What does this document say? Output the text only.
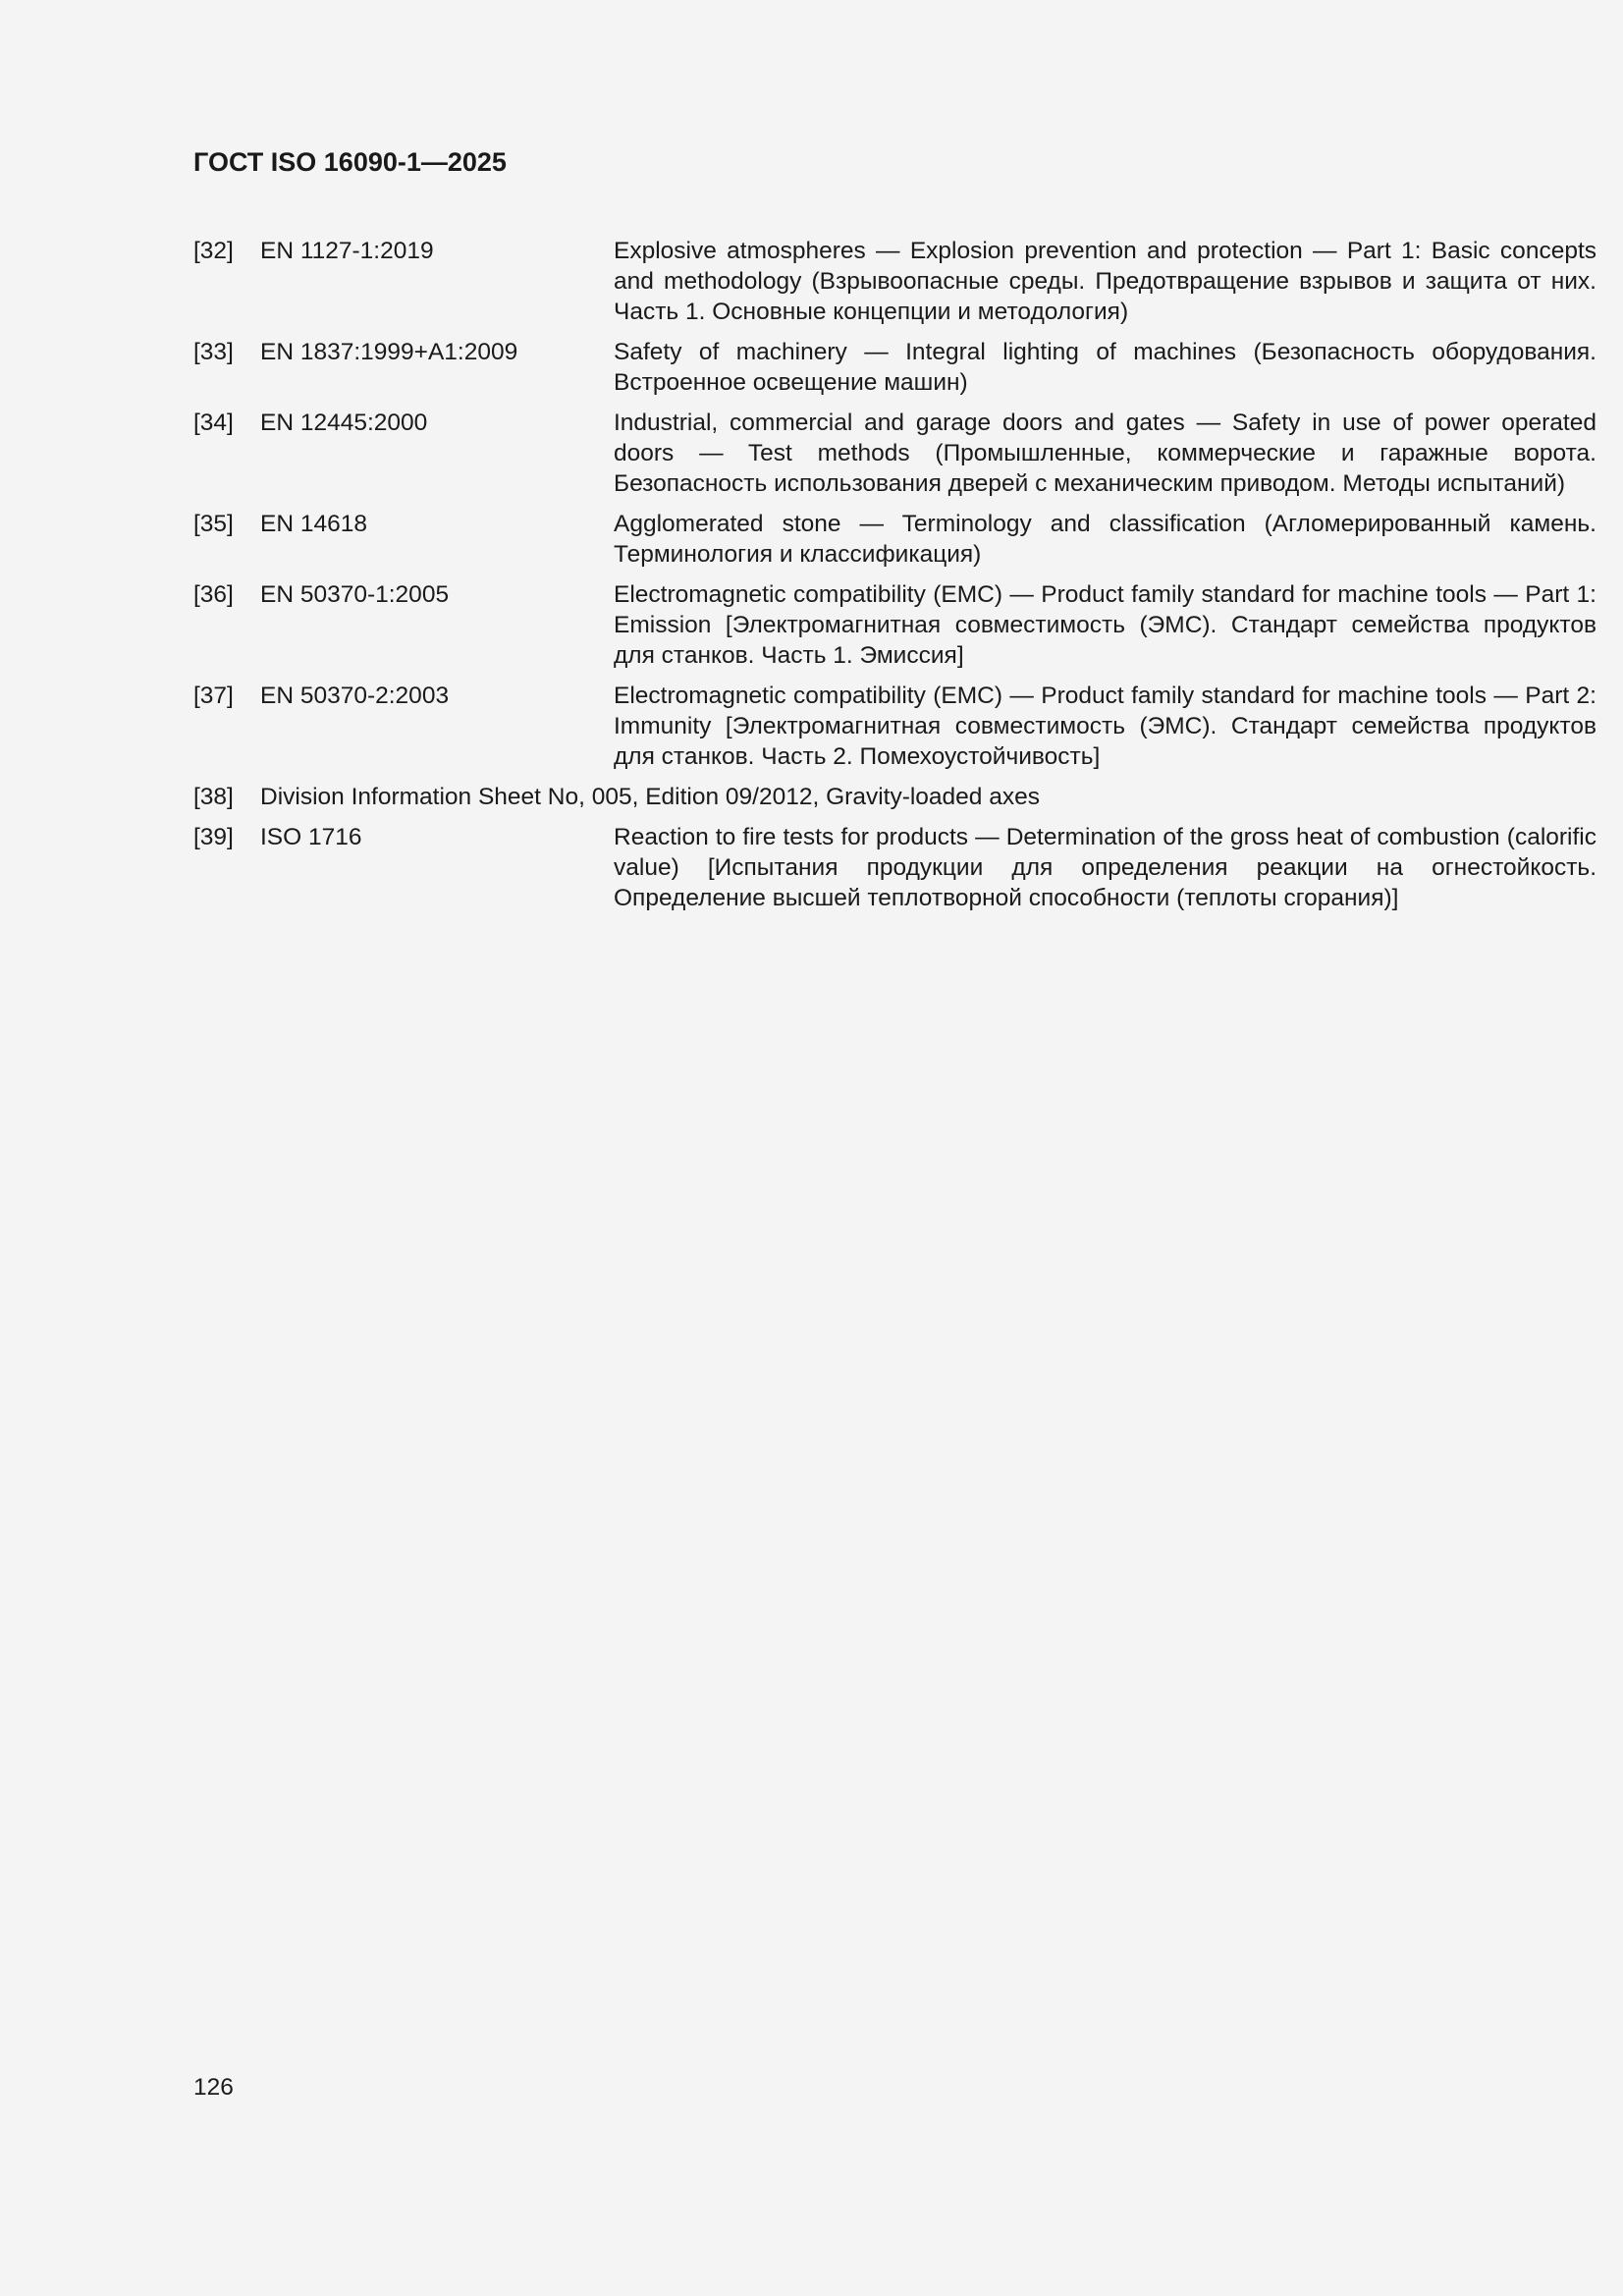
ГОСТ ISO 16090-1—2025
[32]	EN 1127-1:2019	Explosive atmospheres — Explosion prevention and protection — Part 1: Basic concepts and methodology (Взрывоопасные среды. Предотвращение взрывов и защита от них. Часть 1. Основные концепции и методология)
[33]	EN 1837:1999+A1:2009	Safety of machinery — Integral lighting of machines (Безопасность оборудования. Встроенное освещение машин)
[34]	EN 12445:2000	Industrial, commercial and garage doors and gates — Safety in use of power operated doors — Test methods (Промышленные, коммерческие и гаражные ворота. Безопасность использования дверей с механическим приводом. Методы испытаний)
[35]	EN 14618	Agglomerated stone — Terminology and classification (Агломерированный камень. Терминология и классификация)
[36]	EN 50370-1:2005	Electromagnetic compatibility (EMC) — Product family standard for machine tools — Part 1: Emission [Электромагнитная совместимость (ЭМС). Стандарт семейства продуктов для станков. Часть 1. Эмиссия]
[37]	EN 50370-2:2003	Electromagnetic compatibility (EMC) — Product family standard for machine tools — Part 2: Immunity [Электромагнитная совместимость (ЭМС). Стандарт семейства продуктов для станков. Часть 2. Помехоустойчивость]
[38]	Division Information Sheet No, 005, Edition 09/2012, Gravity-loaded axes
[39]	ISO 1716	Reaction to fire tests for products — Determination of the gross heat of combustion (calorific value) [Испытания продукции для определения реакции на огнестойкость. Определение высшей теплотворной способности (теплоты сгорания)]
126
